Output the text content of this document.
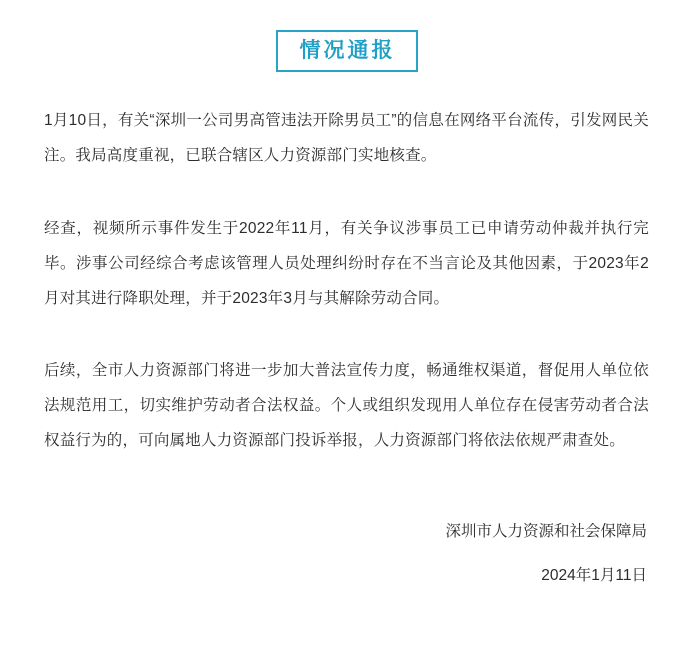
情况通报

1月10日，有关“深圳一公司男高管违法开除男员工”的信息在网络平台流传，引发网民关注。我局高度重视，已联合辖区人力资源部门实地核查。

经查，视频所示事件发生于2022年11月，有关争议涉事员工已申请劳动仲裁并执行完毕。涉事公司经综合考虑该管理人员处理纠纷时存在不当言论及其他因素，于2023年2月对其进行降职处理，并于2023年3月与其解除劳动合同。

后续，全市人力资源部门将进一步加大普法宣传力度，畅通维权渠道，督促用人单位依法规范用工，切实维护劳动者合法权益。个人或组织发现用人单位存在侵害劳动者合法权益行为的，可向属地人力资源部门投诉举报，人力资源部门将依法依规严肃查处。

深圳市人力资源和社会保障局
2024年1月11日
